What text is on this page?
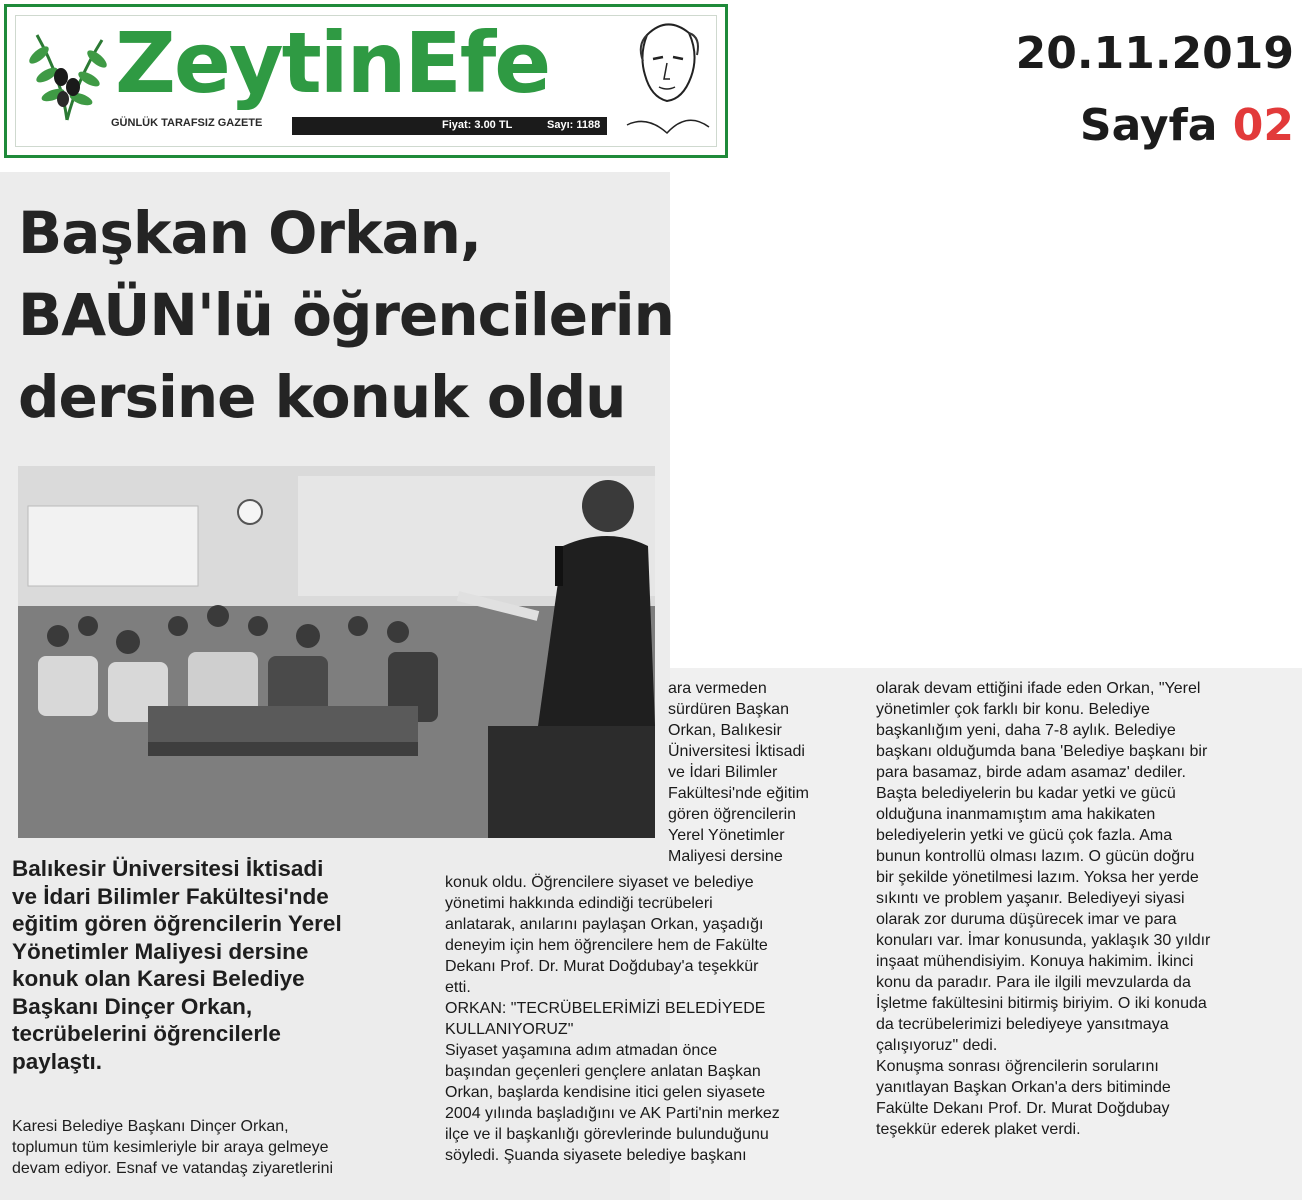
ZeytinEfe
GÜNLÜK TARAFSIZ GAZETE	Fiyat: 3.00 TL	Sayı: 1188
20.11.2019
Sayfa 02
Başkan Orkan,
BAÜN'lü öğrencilerin
dersine konuk oldu
Balıkesir Üniversitesi İktisadi
ve İdari Bilimler Fakültesi'nde
eğitim gören öğrencilerin Yerel
Yönetimler Maliyesi dersine
konuk olan Karesi Belediye
Başkanı Dinçer Orkan,
tecrübelerini öğrencilerle
paylaştı.
Karesi Belediye Başkanı Dinçer Orkan,
toplumun tüm kesimleriyle bir araya gelmeye
devam ediyor. Esnaf ve vatandaş ziyaretlerini
ara vermeden
sürdüren Başkan
Orkan, Balıkesir
Üniversitesi İktisadi
ve İdari Bilimler
Fakültesi'nde eğitim
gören öğrencilerin
Yerel Yönetimler
Maliyesi dersine
konuk oldu. Öğrencilere siyaset ve belediye
yönetimi hakkında edindiği tecrübeleri
anlatarak, anılarını paylaşan Orkan, yaşadığı
deneyim için hem öğrencilere hem de Fakülte
Dekanı Prof. Dr. Murat Doğdubay'a teşekkür
etti.
ORKAN: "TECRÜBELERİMİZİ BELEDİYEDE
KULLANIYORUZ"
Siyaset yaşamına adım atmadan önce
başından geçenleri gençlere anlatan Başkan
Orkan, başlarda kendisine itici gelen siyasete
2004 yılında başladığını ve AK Parti'nin merkez
ilçe ve il başkanlığı görevlerinde bulunduğunu
söyledi. Şuanda siyasete belediye başkanı
olarak devam ettiğini ifade eden Orkan, "Yerel
yönetimler çok farklı bir konu. Belediye
başkanlığım yeni, daha 7-8 aylık. Belediye
başkanı olduğumda bana 'Belediye başkanı bir
para basamaz, birde adam asamaz' dediler.
Başta belediyelerin bu kadar yetki ve gücü
olduğuna inanmamıştım ama hakikaten
belediyelerin yetki ve gücü çok fazla. Ama
bunun kontrollü olması lazım. O gücün doğru
bir şekilde yönetilmesi lazım. Yoksa her yerde
sıkıntı ve problem yaşanır. Belediyeyi siyasi
olarak zor duruma düşürecek imar ve para
konuları var. İmar konusunda, yaklaşık 30 yıldır
inşaat mühendisiyim. Konuya hakimim. İkinci
konu da paradır. Para ile ilgili mevzularda da
İşletme fakültesini bitirmiş biriyim. O iki konuda
da tecrübelerimizi belediyeye yansıtmaya
çalışıyoruz" dedi.
Konuşma sonrası öğrencilerin sorularını
yanıtlayan Başkan Orkan'a ders bitiminde
Fakülte Dekanı Prof. Dr. Murat Doğdubay
teşekkür ederek plaket verdi.
